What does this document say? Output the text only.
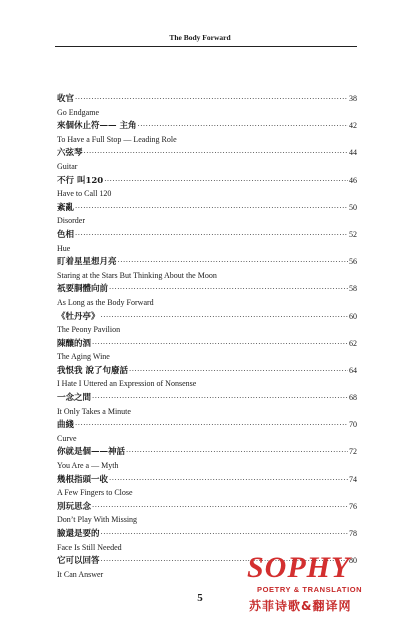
The Body Forward
收官 ·····	38
Go Endgame
來個休止符—— 主角 ·····	42
To Have a Full Stop — Leading Role
六弦琴 ·····	44
Guitar
不行 叫120 ·····	46
Have to Call 120
紊亂 ·····	50
Disorder
色相 ·····	52
Hue
盯着星星想月亮 ·····	56
Staring at the Stars But Thinking About the Moon
祇要胴體向前 ·····	58
As Long as the Body Forward
《牡丹亭》 ·····	60
The Peony Pavilion
陳釀的酒 ·····	62
The Aging Wine
我恨我 說了句廢話 ·····	64
I Hate I Uttered an Expression of Nonsense
一念之間 ·····	68
It Only Takes a Minute
曲綫 ·····	70
Curve
你就是個——神話 ·····	72
You Are a — Myth
幾根指頭一收 ·····	74
A Few Fingers to Close
別玩思念 ·····	76
Don’t Play With Missing
臉還是要的 ·····	78
Face Is Still Needed
它可以回答 ·····	80
It Can Answer
5
SOPHY
POETRY & TRANSLATION
苏菲诗歌&翻译网
